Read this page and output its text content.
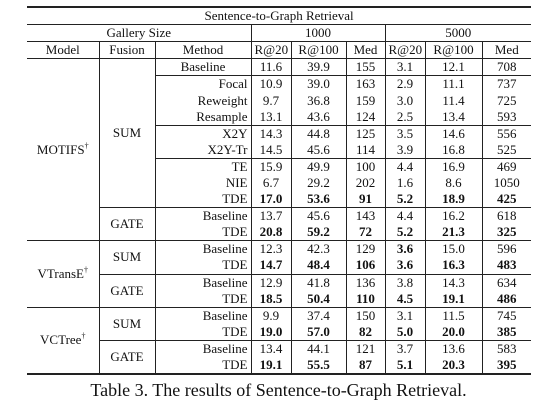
Sentence-to-Graph Retrieval								
Gallery Size			1000			5000		
Model	Fusion	Method	R@20	R@100	Med	R@20	R@100	Med
MOTIFS†	SUM	Baseline	11.6	39.9	155	3.1	12.1	708
		Focal	10.9	39.0	163	2.9	11.1	737
		Reweight	9.7	36.8	159	3.0	11.4	725
		Resample	13.1	43.6	124	2.5	13.4	593
		X2Y	14.3	44.8	125	3.5	14.6	556
		X2Y-Tr	14.5	45.6	114	3.9	16.8	525
		TE	15.9	49.9	100	4.4	16.9	469
		NIE	6.7	29.2	202	1.6	8.6	1050
		TDE	17.0	53.6	91	5.2	18.9	425
	GATE	Baseline	13.7	45.6	143	4.4	16.2	618
		TDE	20.8	59.2	72	5.2	21.3	325
VTransE†	SUM	Baseline	12.3	42.3	129	3.6	15.0	596
		TDE	14.7	48.4	106	3.6	16.3	483
	GATE	Baseline	12.9	41.8	136	3.8	14.3	634
		TDE	18.5	50.4	110	4.5	19.1	486
VCTree†	SUM	Baseline	9.9	37.4	150	3.1	11.5	745
		TDE	19.0	57.0	82	5.0	20.0	385
	GATE	Baseline	13.4	44.1	121	3.7	13.6	583
		TDE	19.1	55.5	87	5.1	20.3	395
Table 3. The results of Sentence-to-Graph Retrieval.
